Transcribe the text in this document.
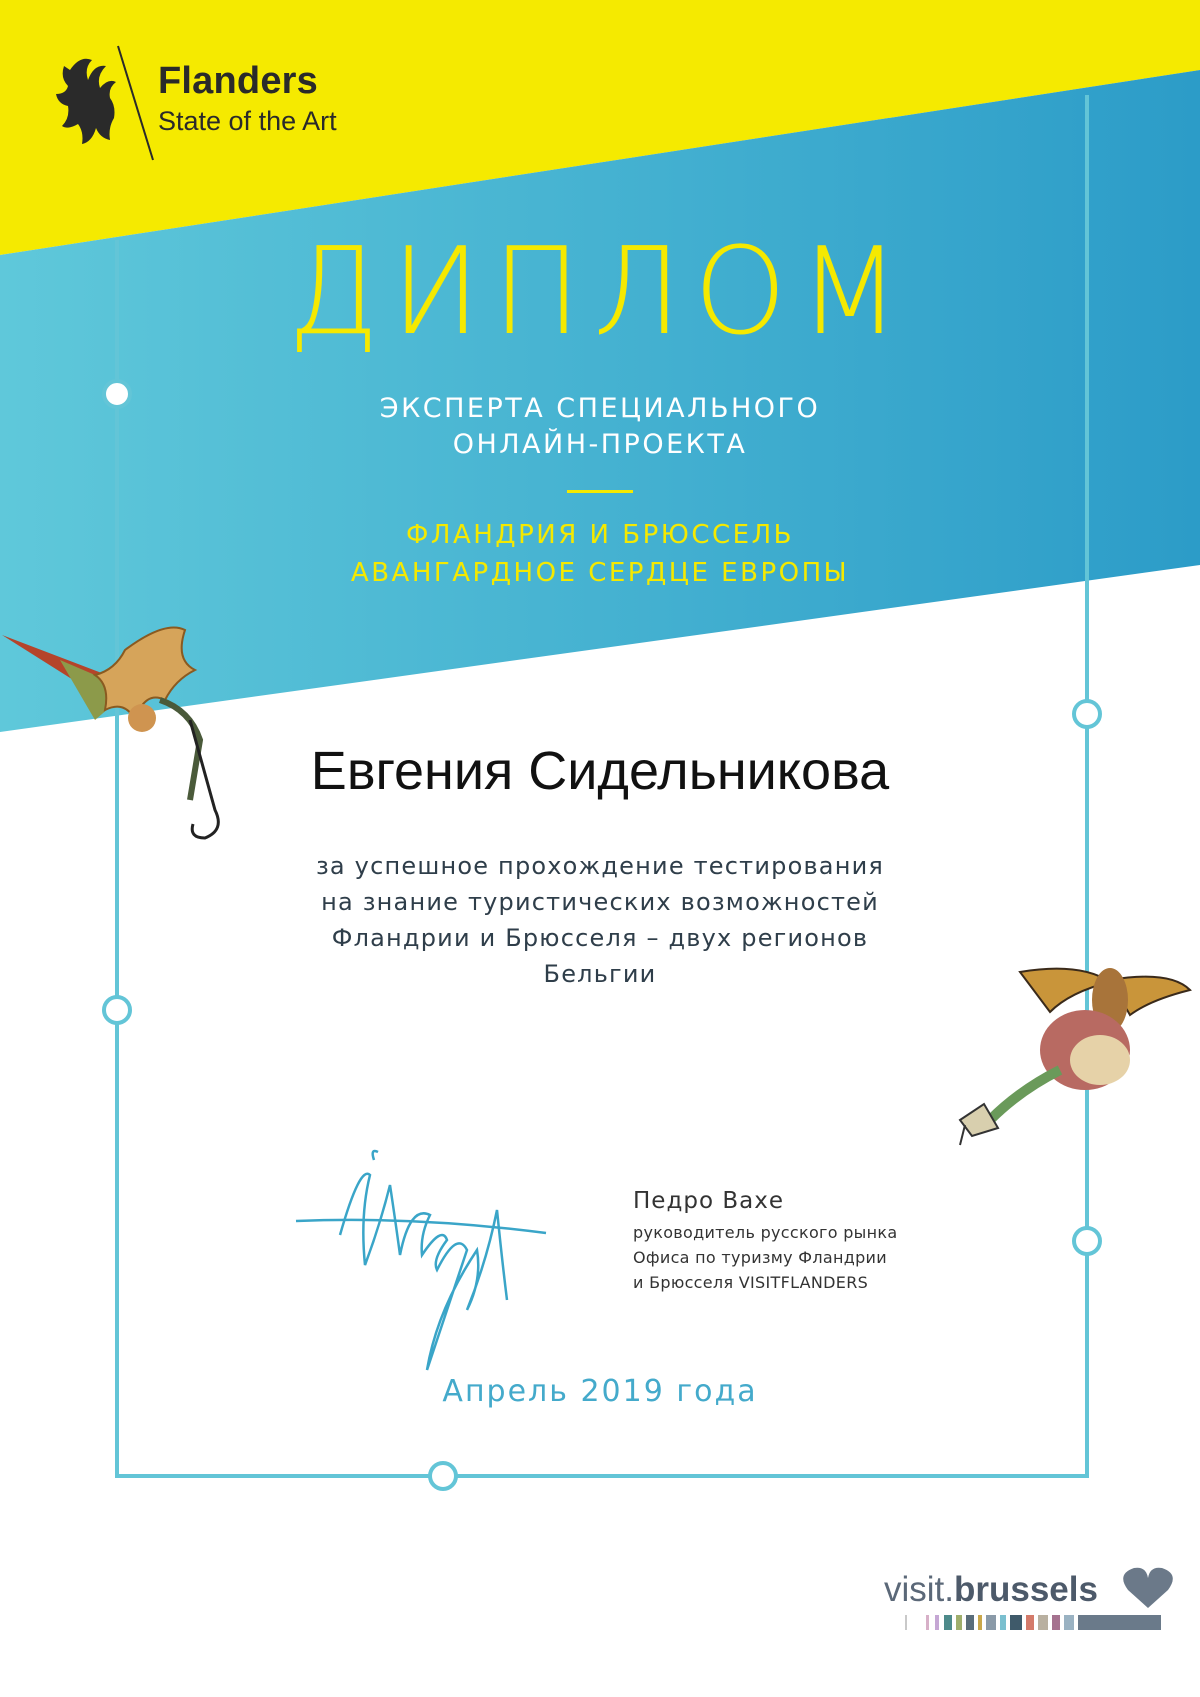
Flanders
State of the Art
ДИПЛОМ
ЭКСПЕРТА СПЕЦИАЛЬНОГО
ОНЛАЙН-ПРОЕКТА
ФЛАНДРИЯ И БРЮССЕЛЬ
АВАНГАРДНОЕ СЕРДЦЕ ЕВРОПЫ
Евгения Сидельникова
за успешное прохождение тестирования
на знание туристических возможностей
Фландрии и Брюсселя – двух регионов
Бельгии
Педро Вахе
руководитель русского рынка
Офиса по туризму Фландрии
и Брюсселя VISITFLANDERS
Апрель 2019 года
visit.brussels
